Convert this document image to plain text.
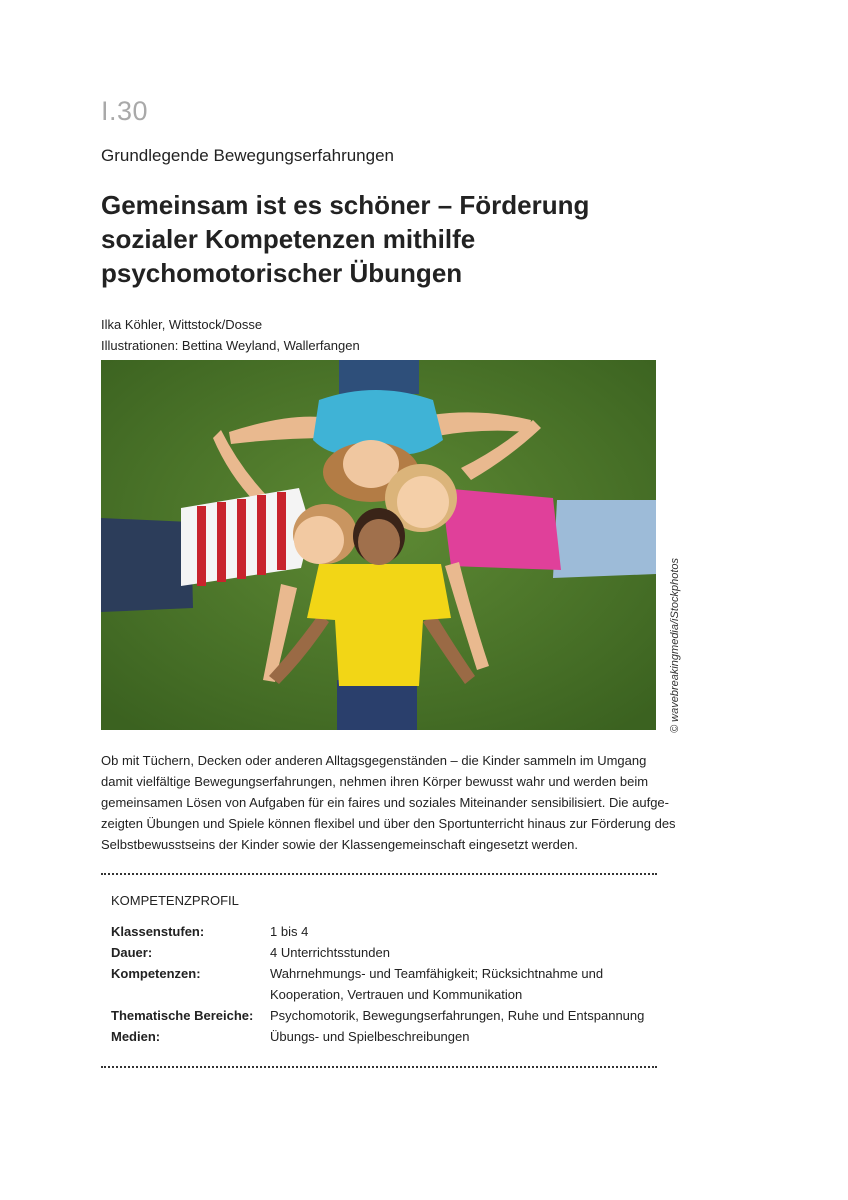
I.30
Grundlegende Bewegungserfahrungen
Gemeinsam ist es schöner – Förderung
sozialer Kompetenzen mithilfe
psychomotorischer Übungen
Ilka Köhler, Wittstock/Dosse
Illustrationen: Bettina Weyland, Wallerfangen
© wavebreakingmedia/iStockphotos
Ob mit Tüchern, Decken oder anderen Alltagsgegenständen – die Kinder sammeln im Umgang
damit vielfältige Bewegungserfahrungen, nehmen ihren Körper bewusst wahr und werden beim
gemeinsamen Lösen von Aufgaben für ein faires und soziales Miteinander sensibilisiert. Die aufge-
zeigten Übungen und Spiele können flexibel und über den Sportunterricht hinaus zur Förderung des
Selbstbewusstseins der Kinder sowie der Klassengemeinschaft eingesetzt werden.
KOMPETENZPROFIL
Klassenstufen:	1 bis 4
Dauer:	4 Unterrichtsstunden
Kompetenzen:	Wahrnehmungs- und Teamfähigkeit; Rücksichtnahme und Kooperation, Vertrauen und Kommunikation
Thematische Bereiche:	Psychomotorik, Bewegungserfahrungen, Ruhe und Entspannung
Medien:	Übungs- und Spielbeschreibungen
